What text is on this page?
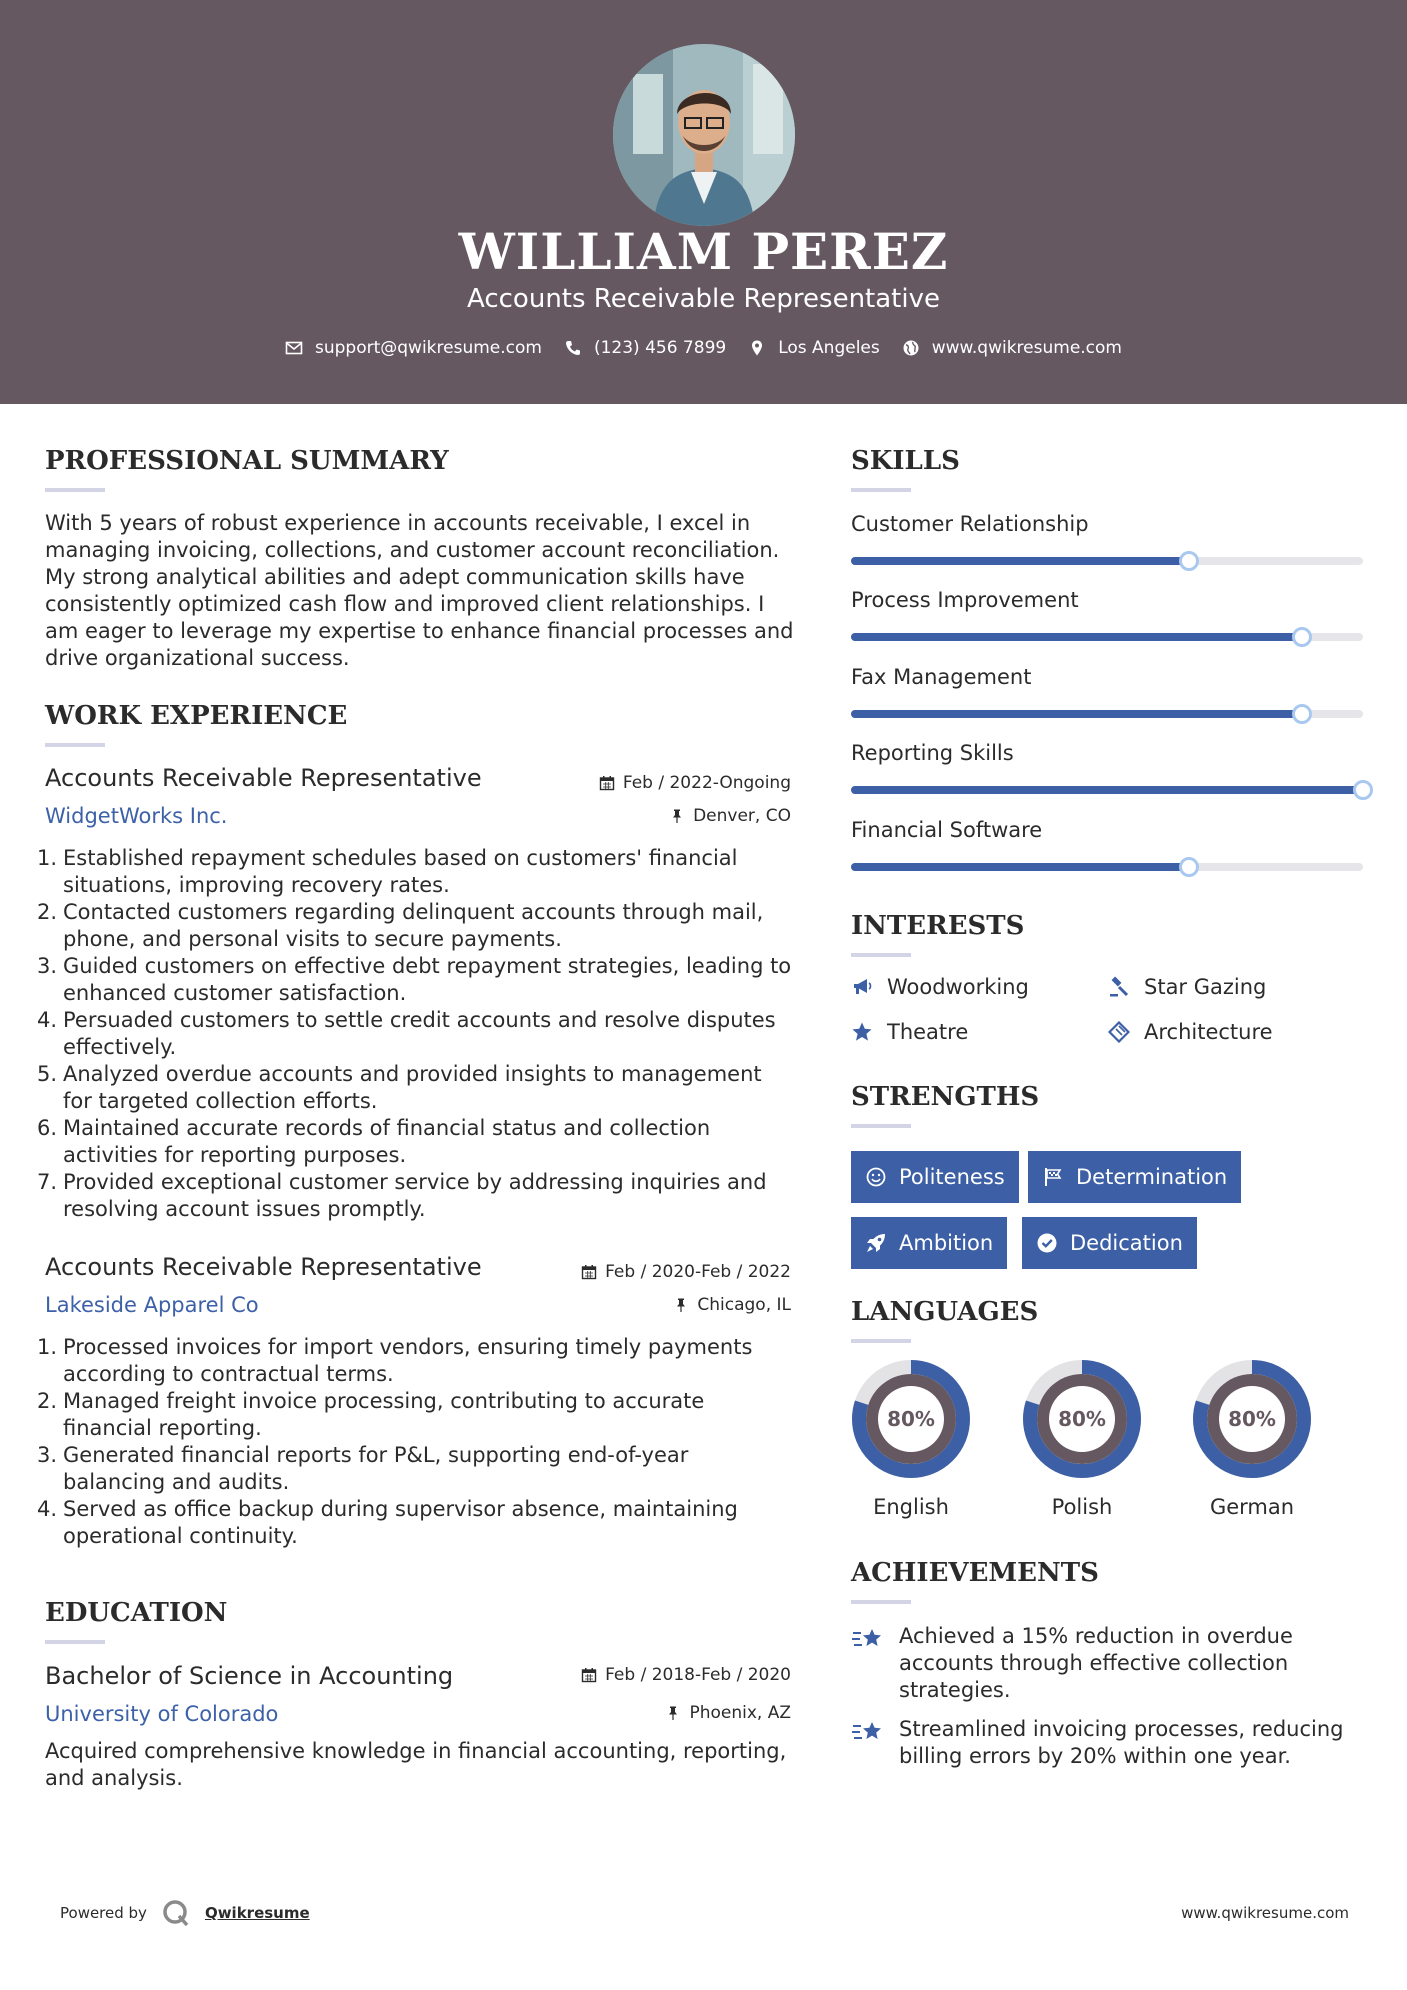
WILLIAM PEREZ
Accounts Receivable Representative
support@qwikresume.com	(123) 456 7899	Los Angeles	www.qwikresume.com
PROFESSIONAL SUMMARY
With 5 years of robust experience in accounts receivable, I excel in managing invoicing, collections, and customer account reconciliation. My strong analytical abilities and adept communication skills have consistently optimized cash flow and improved client relationships. I am eager to leverage my expertise to enhance financial processes and drive organizational success.
WORK EXPERIENCE
Accounts Receivable Representative	Feb / 2022-Ongoing
WidgetWorks Inc.	Denver, CO
1. Established repayment schedules based on customers' financial situations, improving recovery rates.
2. Contacted customers regarding delinquent accounts through mail, phone, and personal visits to secure payments.
3. Guided customers on effective debt repayment strategies, leading to enhanced customer satisfaction.
4. Persuaded customers to settle credit accounts and resolve disputes effectively.
5. Analyzed overdue accounts and provided insights to management for targeted collection efforts.
6. Maintained accurate records of financial status and collection activities for reporting purposes.
7. Provided exceptional customer service by addressing inquiries and resolving account issues promptly.
Accounts Receivable Representative	Feb / 2020-Feb / 2022
Lakeside Apparel Co	Chicago, IL
1. Processed invoices for import vendors, ensuring timely payments according to contractual terms.
2. Managed freight invoice processing, contributing to accurate financial reporting.
3. Generated financial reports for P&L, supporting end-of-year balancing and audits.
4. Served as office backup during supervisor absence, maintaining operational continuity.
EDUCATION
Bachelor of Science in Accounting	Feb / 2018-Feb / 2020
University of Colorado	Phoenix, AZ
Acquired comprehensive knowledge in financial accounting, reporting, and analysis.
SKILLS
Customer Relationship
Process Improvement
Fax Management
Reporting Skills
Financial Software
INTERESTS
Woodworking	Star Gazing
Theatre	Architecture
STRENGTHS
Politeness	Determination
Ambition	Dedication
LANGUAGES
80%
English
80%
Polish
80%
German
ACHIEVEMENTS
Achieved a 15% reduction in overdue accounts through effective collection strategies.
Streamlined invoicing processes, reducing billing errors by 20% within one year.
Powered by	Qwikresume	www.qwikresume.com
